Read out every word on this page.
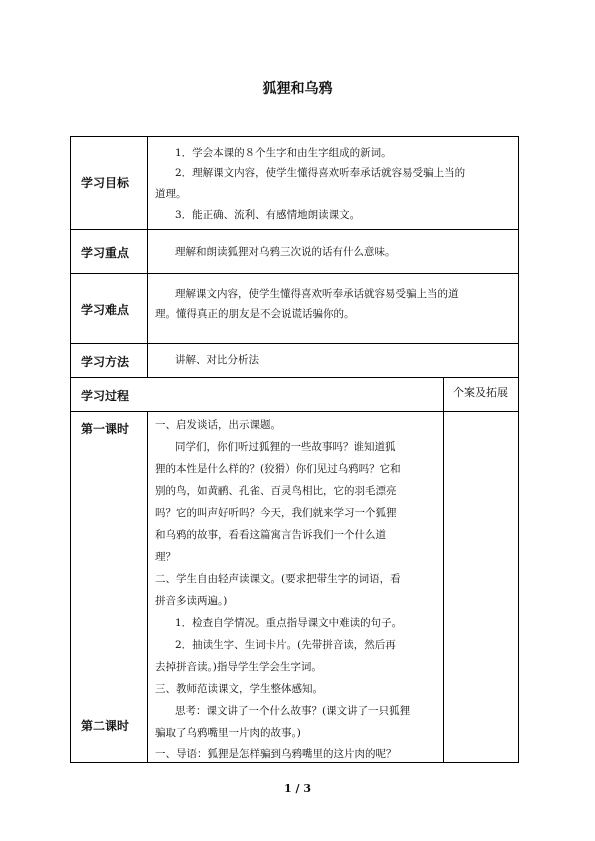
狐狸和乌鸦
学习目标
学习重点
学习难点
学习方法
学习过程	个案及拓展
第一课时
第二课时
1．学会本课的８个生字和由生字组成的新词。
2．理解课文内容，使学生懂得喜欢听奉承话就容易受骗上当的
道理。
3．能正确、流利、有感情地朗读课文。
理解和朗读狐狸对乌鸦三次说的话有什么意味。
理解课文内容，使学生懂得喜欢听奉承话就容易受骗上当的道
理。懂得真正的朋友是不会说谎话骗你的。
讲解、对比分析法
一、启发谈话，出示课题。
同学们，你们听过狐狸的一些故事吗？谁知道狐
狸的本性是什么样的？(狡猾）你们见过乌鸦吗？它和
别的鸟，如黄鹂、孔雀、百灵鸟相比，它的羽毛漂亮
吗？它的叫声好听吗？今天，我们就来学习一个狐狸
和乌鸦的故事，看看这篇寓言告诉我们一个什么道
理？
二、学生自由轻声读课文。(要求把带生字的词语，看
拼音多读两遍。)
1．检查自学情况。重点指导课文中难读的句子。
2．抽读生字、生词卡片。(先带拼音读，然后再
去掉拼音读。)指导学生学会生字词。
三、教师范读课文，学生整体感知。
思考：课文讲了一个什么故事？(课文讲了一只狐狸
骗取了乌鸦嘴里一片肉的故事。)
一、导语：狐狸是怎样骗到乌鸦嘴里的这片肉的呢？
1 / 3
